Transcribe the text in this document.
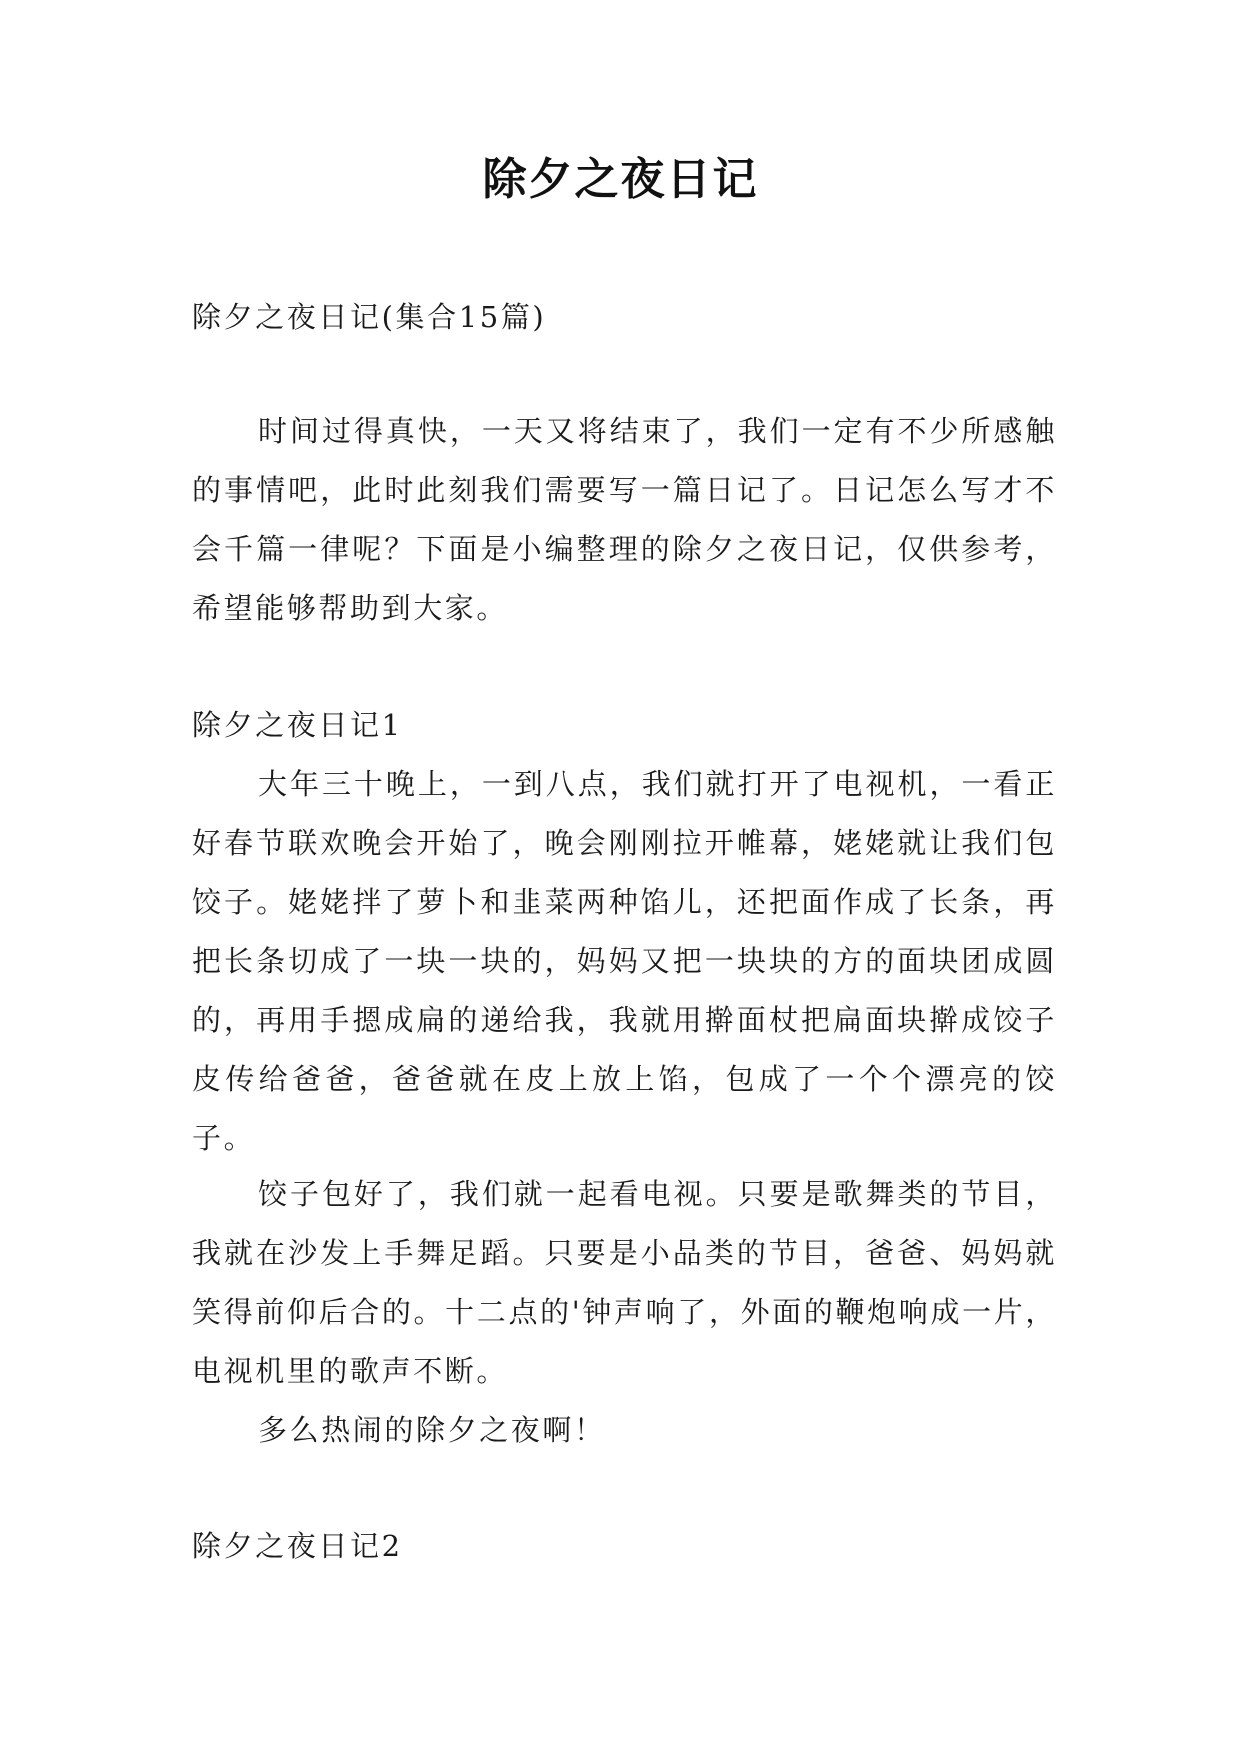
除夕之夜日记
除夕之夜日记(集合15篇)
时间过得真快，一天又将结束了，我们一定有不少所感触的事情吧，此时此刻我们需要写一篇日记了。日记怎么写才不会千篇一律呢？下面是小编整理的除夕之夜日记，仅供参考，希望能够帮助到大家。
除夕之夜日记1
大年三十晚上，一到八点，我们就打开了电视机，一看正好春节联欢晚会开始了，晚会刚刚拉开帷幕，姥姥就让我们包饺子。姥姥拌了萝卜和韭菜两种馅儿，还把面作成了长条，再把长条切成了一块一块的，妈妈又把一块块的方的面块团成圆的，再用手摁成扁的递给我，我就用擀面杖把扁面块擀成饺子皮传给爸爸，爸爸就在皮上放上馅，包成了一个个漂亮的饺子。
饺子包好了，我们就一起看电视。只要是歌舞类的节目，我就在沙发上手舞足蹈。只要是小品类的节目，爸爸、妈妈就笑得前仰后合的。十二点的'钟声响了，外面的鞭炮响成一片，电视机里的歌声不断。
多么热闹的除夕之夜啊！
除夕之夜日记2
